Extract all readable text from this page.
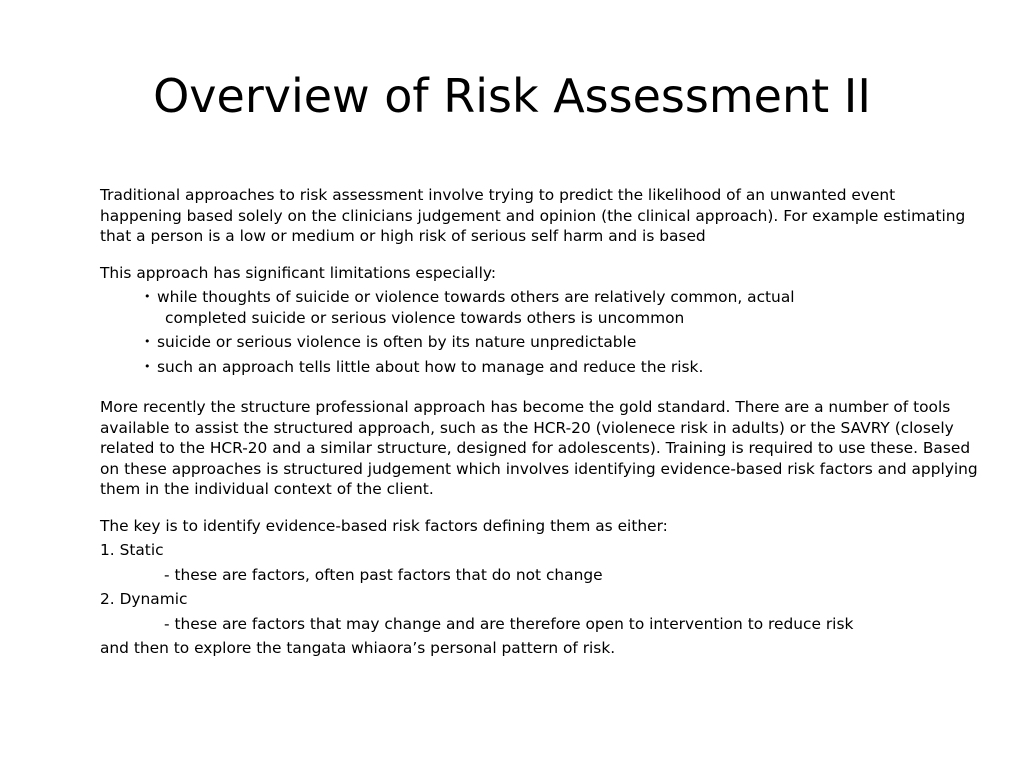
Overview of Risk Assessment II

Traditional approaches to risk assessment involve trying to predict the likelihood of an unwanted event happening based solely on the clinicians judgement and opinion (the clinical approach). For example estimating that a person is a low or medium or high risk of serious self harm and is based

This approach has significant limitations especially:

• while thoughts of suicide or violence towards others are relatively common, actual
completed suicide or serious violence towards others is uncommon
• suicide or serious violence is often by its nature unpredictable
• such an approach tells little about how to manage and reduce the risk.

More recently the structure professional approach has become the gold standard. There are a number of tools available to assist the structured approach, such as the HCR-20 (violenece risk in adults) or the SAVRY (closely related to the HCR-20 and a similar structure, designed for adolescents). Training is required to use these. Based on these approaches is structured judgement which involves identifying evidence-based risk factors and applying them in the individual context of the client.

The key is to identify evidence-based risk factors defining them as either:

1. Static

- these are factors, often past factors that do not change

2. Dynamic

- these are factors that may change and are therefore open to intervention to reduce risk

and then to explore the tangata whiaora’s personal pattern of risk.
